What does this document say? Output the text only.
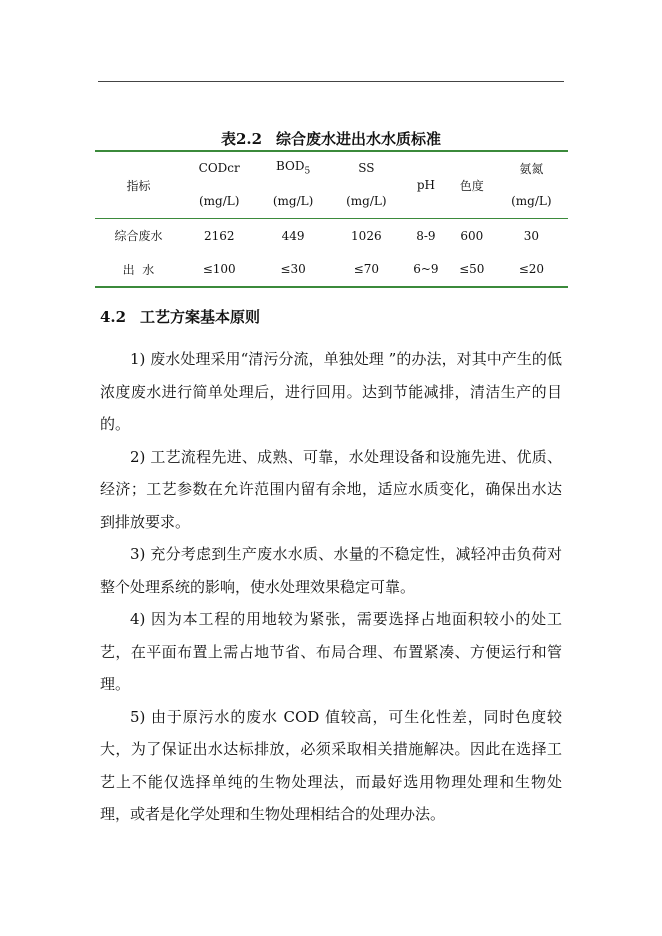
表2.2 综合废水进出水水质标准
指标	CODcr	$BOD_5$	SS	pH	色度	氨氮
	(mg/L)	(mg/L)	(mg/L)			(mg/L)
综合废水	2162	449	1026	8-9	600	30
出  水	≤100	≤30	≤70	6~9	≤50	≤20
4.2 工艺方案基本原则

1) 废水处理采用“清污分流，单独处理 ”的办法，对其中产生的低浓度废水进行简单处理后，进行回用。达到节能减排，清洁生产的目的。

2) 工艺流程先进、成熟、可靠，水处理设备和设施先进、优质、经济；工艺参数在允许范围内留有余地，适应水质变化，确保出水达到排放要求。

3) 充分考虑到生产废水水质、水量的不稳定性，减轻冲击负荷对整个处理系统的影响，使水处理效果稳定可靠。

4) 因为本工程的用地较为紧张，需要选择占地面积较小的处工艺，在平面布置上需占地节省、布局合理、布置紧凑、方便运行和管理。

5) 由于原污水的废水 COD 值较高，可生化性差，同时色度较大，为了保证出水达标排放，必须采取相关措施解决。因此在选择工艺上不能仅选择单纯的生物处理法，而最好选用物理处理和生物处理，或者是化学处理和生物处理相结合的处理办法。
